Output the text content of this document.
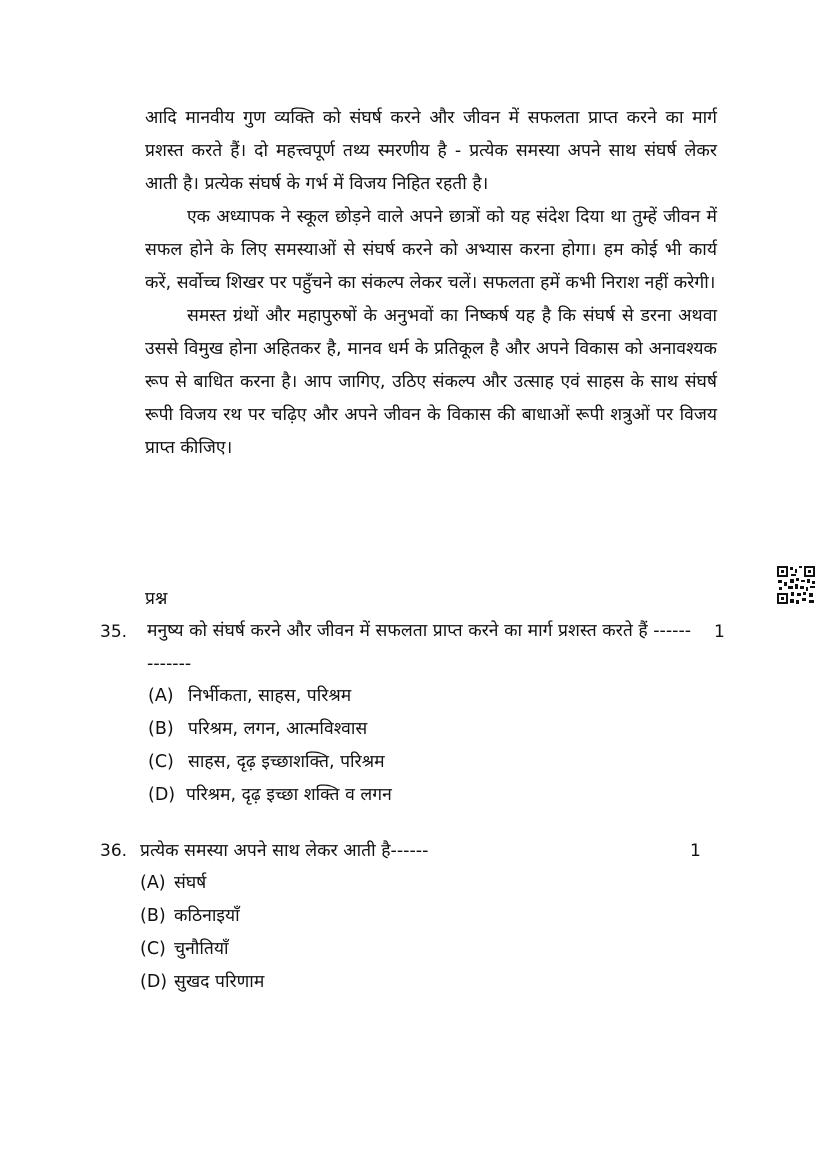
आदि मानवीय गुण व्यक्ति को संघर्ष करने और जीवन में सफलता प्राप्त करने का मार्ग प्रशस्त करते हैं। दो महत्त्वपूर्ण तथ्य स्मरणीय है - प्रत्येक समस्या अपने साथ संघर्ष लेकर आती है। प्रत्येक संघर्ष के गर्भ में विजय निहित रहती है।

एक अध्यापक ने स्कूल छोड़ने वाले अपने छात्रों को यह संदेश दिया था तुम्हें जीवन में सफल होने के लिए समस्याओं से संघर्ष करने को अभ्यास करना होगा। हम कोई भी कार्य करें, सर्वोच्च शिखर पर पहुँचने का संकल्प लेकर चलें। सफलता हमें कभी निराश नहीं करेगी।

समस्त ग्रंथों और महापुरुषों के अनुभवों का निष्कर्ष यह है कि संघर्ष से डरना अथवा उससे विमुख होना अहितकर है, मानव धर्म के प्रतिकूल है और अपने विकास को अनावश्यक रूप से बाधित करना है। आप जागिए, उठिए संकल्प और उत्साह एवं साहस के साथ संघर्ष रूपी विजय रथ पर चढ़िए और अपने जीवन के विकास की बाधाओं रूपी शत्रुओं पर विजय प्राप्त कीजिए।

प्रश्न
35. मनुष्य को संघर्ष करने और जीवन में सफलता प्राप्त करने का मार्ग प्रशस्त करते हैं -------------
1
(A) निर्भीकता, साहस, परिश्रम
(B) परिश्रम, लगन, आत्मविश्वास
(C) साहस, दृढ़ इच्छाशक्ति, परिश्रम
(D) परिश्रम, दृढ़ इच्छा शक्ति व लगन
36. प्रत्येक समस्या अपने साथ लेकर आती है------	1
(A) संघर्ष
(B) कठिनाइयाँ
(C) चुनौतियाँ
(D) सुखद परिणाम
